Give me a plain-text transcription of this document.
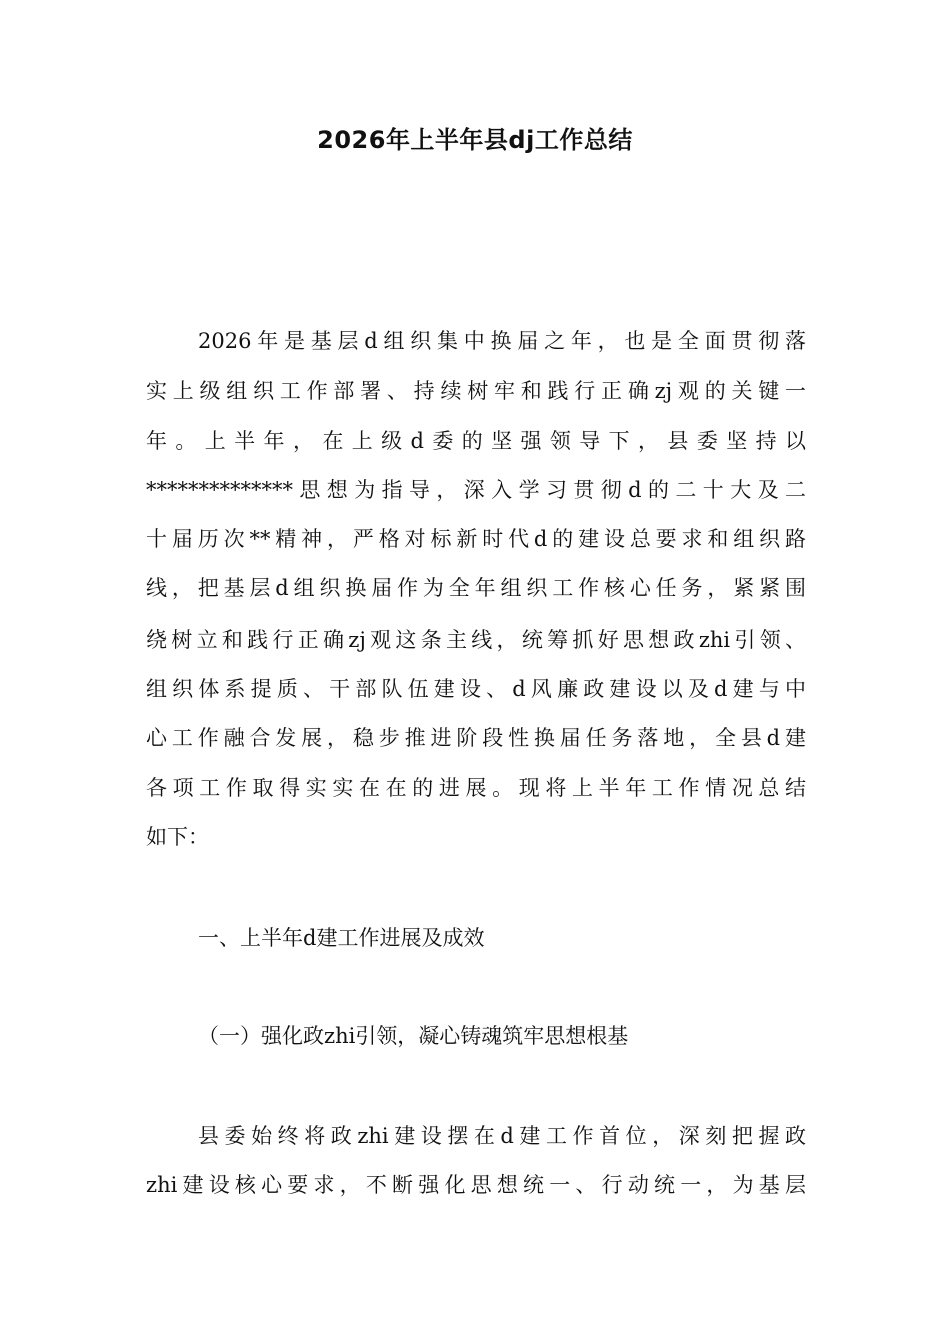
2026年上半年县dj工作总结
2026年是基层d组织集中换届之年，也是全面贯彻落
实上级组织工作部署、持续树牢和践行正确zj观的关键一
年。上半年，在上级d委的坚强领导下，县委坚持以
**************思想为指导，深入学习贯彻d的二十大及二
十届历次**精神，严格对标新时代d的建设总要求和组织路
线，把基层d组织换届作为全年组织工作核心任务，紧紧围
绕树立和践行正确zj观这条主线，统筹抓好思想政zhi引领、
组织体系提质、干部队伍建设、d风廉政建设以及d建与中
心工作融合发展，稳步推进阶段性换届任务落地，全县d建
各项工作取得实实在在的进展。现将上半年工作情况总结
如下：
一、上半年d建工作进展及成效
（一）强化政zhi引领，凝心铸魂筑牢思想根基
县委始终将政zhi建设摆在d建工作首位，深刻把握政
zhi建设核心要求，不断强化思想统一、行动统一，为基层
